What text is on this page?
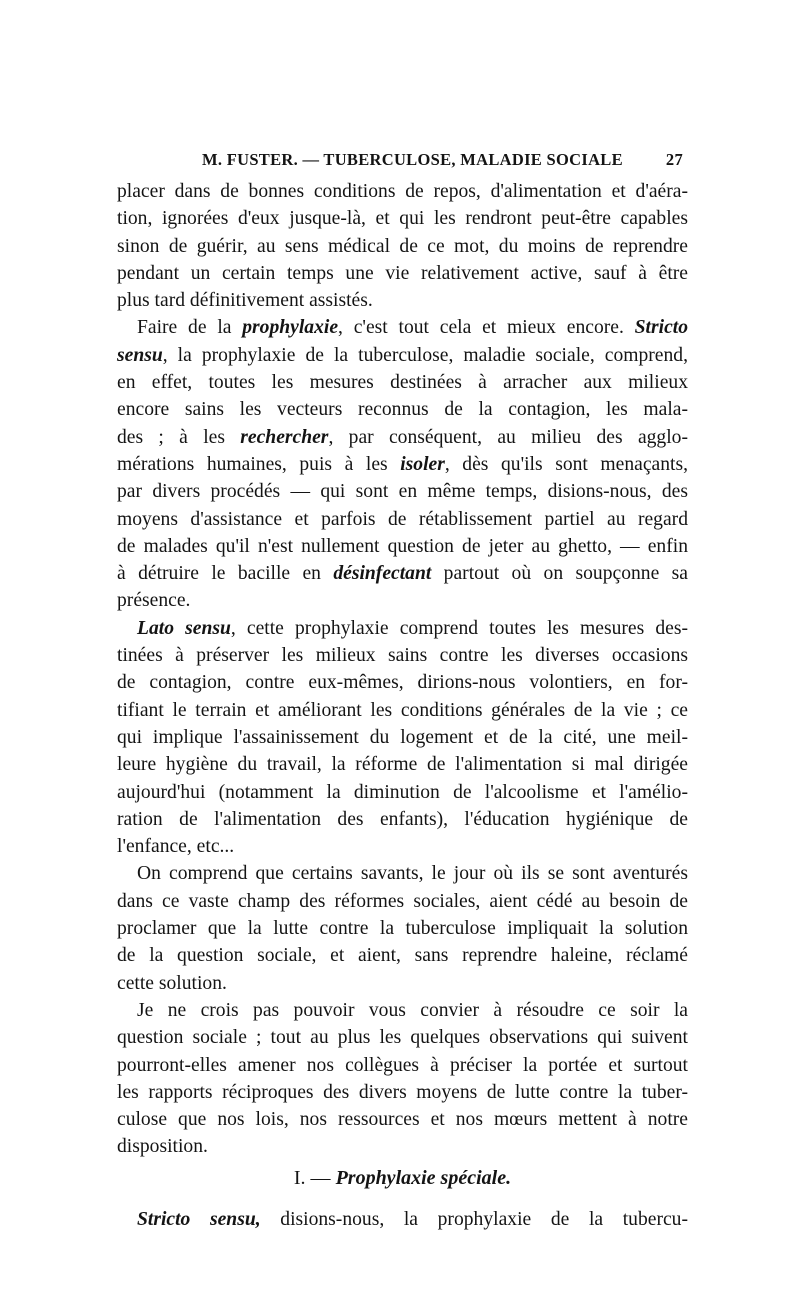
M. FUSTER. — TUBERCULOSE, MALADIE SOCIALE	27

placer dans de bonnes conditions de repos, d'alimentation et d'aéra-
tion, ignorées d'eux jusque-là, et qui les rendront peut-être capables
sinon de guérir, au sens médical de ce mot, du moins de reprendre
pendant un certain temps une vie relativement active, sauf à être
plus tard définitivement assistés.

Faire de la prophylaxie, c'est tout cela et mieux encore. Stricto
sensu, la prophylaxie de la tuberculose, maladie sociale, comprend,
en effet, toutes les mesures destinées à arracher aux milieux
encore sains les vecteurs reconnus de la contagion, les mala-
des ; à les rechercher, par conséquent, au milieu des agglo-
mérations humaines, puis à les isoler, dès qu'ils sont menaçants,
par divers procédés — qui sont en même temps, disions-nous, des
moyens d'assistance et parfois de rétablissement partiel au regard
de malades qu'il n'est nullement question de jeter au ghetto, — enfin
à détruire le bacille en désinfectant partout où on soupçonne sa
présence.

Lato sensu, cette prophylaxie comprend toutes les mesures des-
tinées à préserver les milieux sains contre les diverses occasions
de contagion, contre eux-mêmes, dirions-nous volontiers, en for-
tifiant le terrain et améliorant les conditions générales de la vie ; ce
qui implique l'assainissement du logement et de la cité, une meil-
leure hygiène du travail, la réforme de l'alimentation si mal dirigée
aujourd'hui (notamment la diminution de l'alcoolisme et l'amélio-
ration de l'alimentation des enfants), l'éducation hygiénique de
l'enfance, etc...

On comprend que certains savants, le jour où ils se sont aventurés
dans ce vaste champ des réformes sociales, aient cédé au besoin de
proclamer que la lutte contre la tuberculose impliquait la solution
de la question sociale, et aient, sans reprendre haleine, réclamé
cette solution.

Je ne crois pas pouvoir vous convier à résoudre ce soir la
question sociale ; tout au plus les quelques observations qui suivent
pourront-elles amener nos collègues à préciser la portée et surtout
les rapports réciproques des divers moyens de lutte contre la tuber-
culose que nos lois, nos ressources et nos mœurs mettent à notre
disposition.

I. — Prophylaxie spéciale.

Stricto sensu, disions-nous, la prophylaxie de la tubercu-
